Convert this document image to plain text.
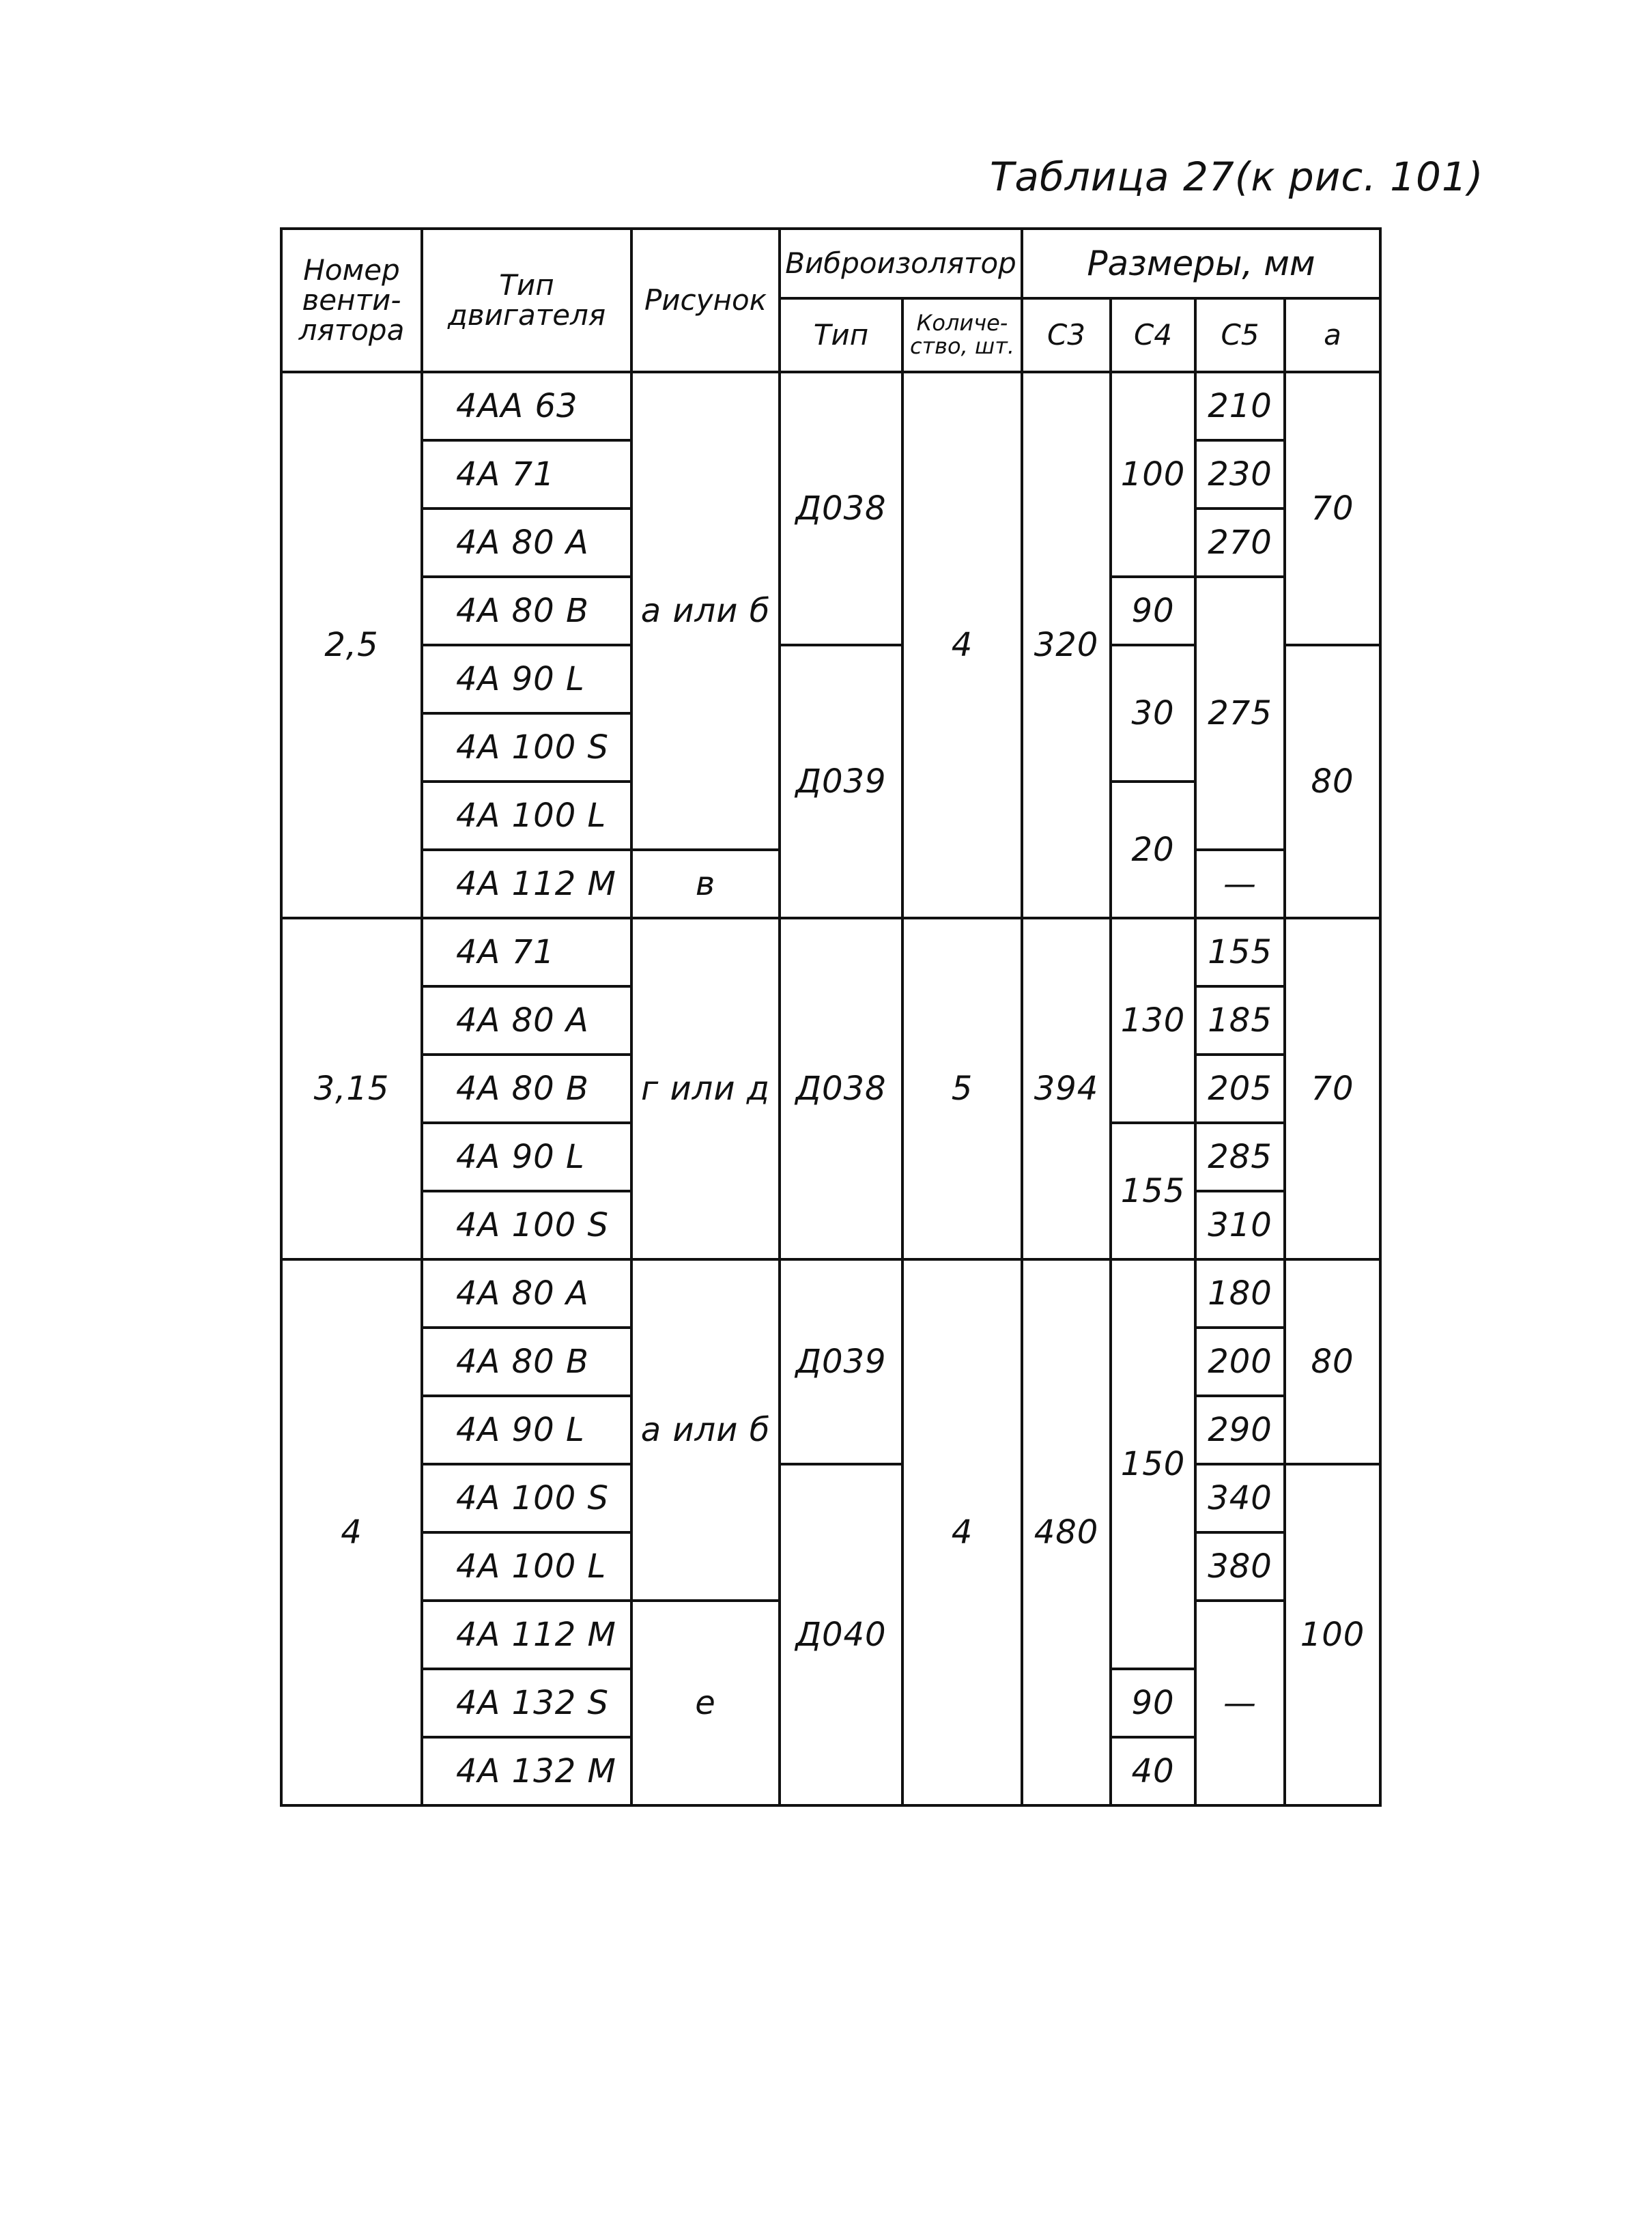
Таблица 27(к рис. 101)
Номер
венти-
лятора	Тип
двигателя	Рисунок	Виброизолятор		Размеры, мм			
			Тип	Количе-
ство, шт.	C3	C4	C5	a
2,5	4АА 63	а или б	Д038	4	320	100	210	70
	4А 71						230	
	4А 80 А						270	
	4А 80 В					90	275	
	4А 90 L		Д039			30		80
	4А 100 S							
	4А 100 L					20		
	4А 112 М	в					—	
3,15	4А 71	г или д	Д038	5	394	130	155	70
	4А 80 А						185	
	4А 80 В						205	
	4А 90 L					155	285	
	4А 100 S						310	
4	4А 80 А	а или б	Д039	4	480	150	180	80
	4А 80 В						200	
	4А 90 L						290	
	4А 100 S		Д040				340	100
	4А 100 L						380	
	4А 112 М	е					—	
	4А 132 S					90		
	4А 132 М					40		
